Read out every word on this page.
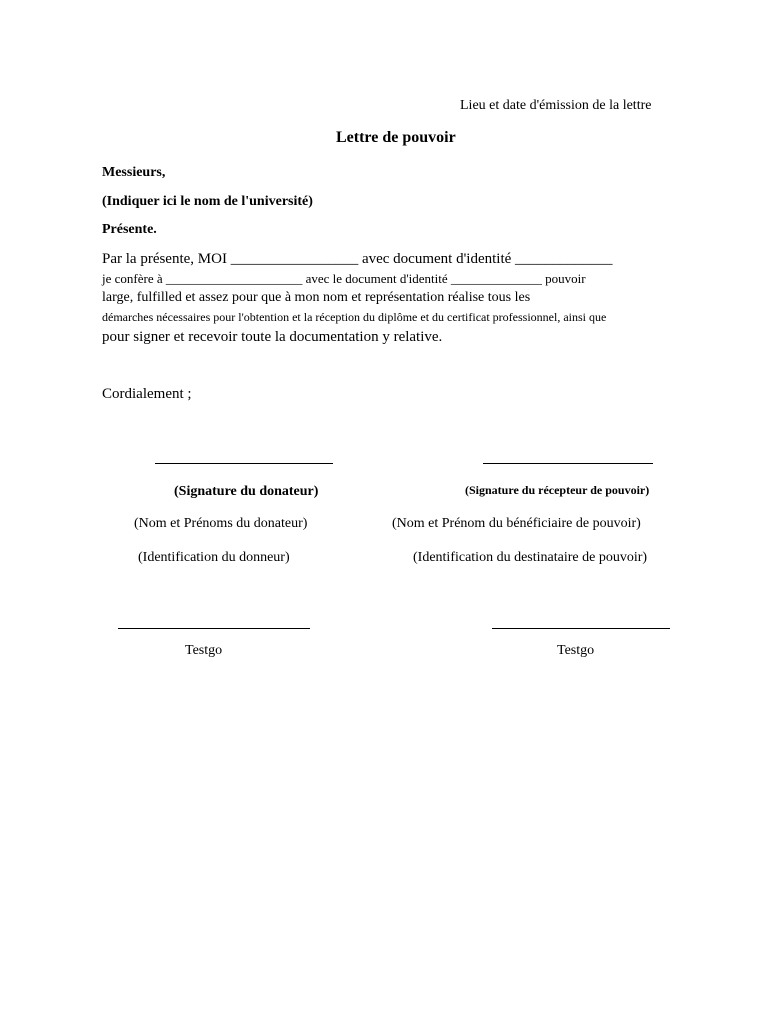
Lieu et date d'émission de la lettre
Lettre de pouvoir
Messieurs,
(Indiquer ici le nom de l'université)
Présente.
Par la présente, MOI _________________ avec document d'identité _____________
je confère à _____________________ avec le document d'identité ______________ pouvoir
large, fulfilled et assez pour que à mon nom et représentation réalise tous les
démarches nécessaires pour l'obtention et la réception du diplôme et du certificat professionnel, ainsi que
pour signer et recevoir toute la documentation y relative.
Cordialement ;
(Signature du donateur)	(Signature du récepteur de pouvoir)
(Nom et Prénoms du donateur)	(Nom et Prénom du bénéficiaire de pouvoir)
(Identification du donneur)	(Identification du destinataire de pouvoir)
Testgo	Testgo
